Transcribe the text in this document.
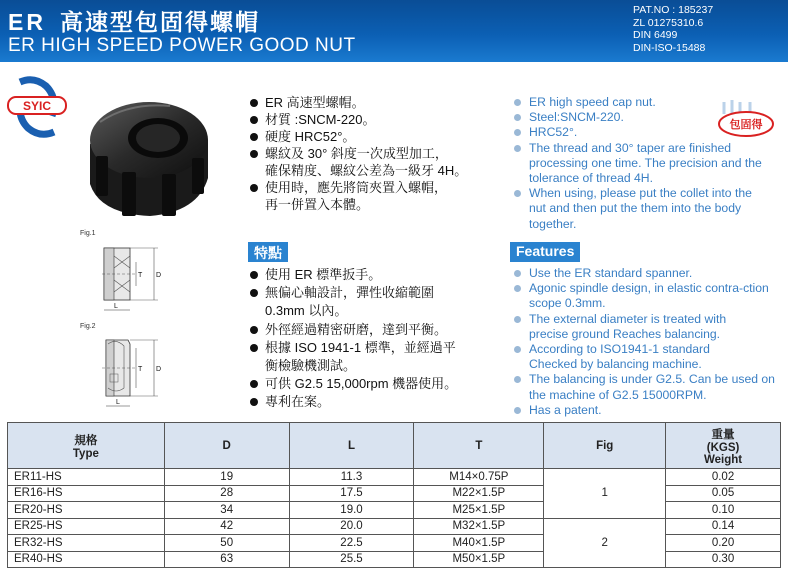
ER 高速型包固得螺帽
ER HIGH SPEED POWER GOOD NUT
PAT.NO : 185237
ZL 01275310.6
DIN 6499
DIN-ISO-15488
SYIC
Fig.1
Fig.2
T D
L
T D
L
ER 高速型螺帽。
材質 :SNCM-220。
硬度 HRC52°。
螺紋及 30° 斜度一次成型加工，
確保精度、螺紋公差為一級牙 4H。
使用時，應先將筒夾置入螺帽，
再一併置入本體。
特點	Features
使用 ER 標準扳手。
無偏心軸設計，彈性收縮範圍
0.3mm 以內。
外徑經過精密研磨，達到平衡。
根據 ISO 1941-1 標準，並經過平
衡檢驗機測試。
可供 G2.5 15,000rpm 機器使用。
專利在案。
ER high speed cap nut.
Steel:SNCM-220.
HRC52°.
The thread and 30° taper are finished processing one time. The precision and the tolerance of thread 4H.
When using, please put the collet into the nut and then put the them into the body together.
包固得
Use the ER standard spanner.
Agonic spindle design, in elastic contra-ction scope 0.3mm.
The external diameter is treated with precise ground Reaches balancing.
According to ISO1941-1 standard Checked by balancing machine.
The balancing is under G2.5. Can be used on the machine of G2.5 15000RPM.
Has a patent.
規格
Type	D	L	T	Fig	重量
(KGS)
Weight
ER11-HS	19	11.3	M14×0.75P	1	0.02
ER16-HS	28	17.5	M22×1.5P		0.05
ER20-HS	34	19.0	M25×1.5P		0.10
ER25-HS	42	20.0	M32×1.5P	2	0.14
ER32-HS	50	22.5	M40×1.5P		0.20
ER40-HS	63	25.5	M50×1.5P		0.30
